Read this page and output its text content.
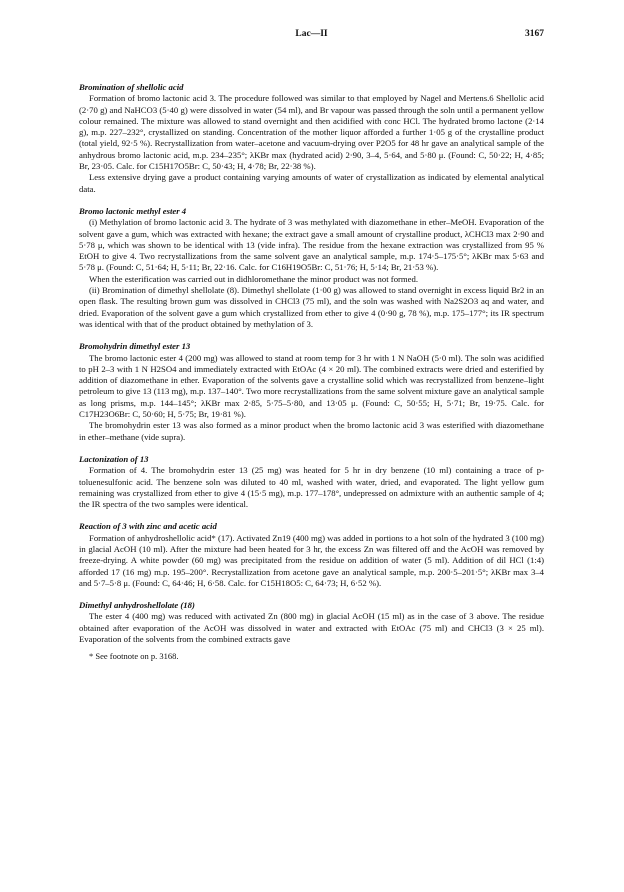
Lac—II	3167

Bromination of shellolic acid

Formation of bromo lactonic acid 3. The procedure followed was similar to that employed by Nagel and Mertens.6 Shellolic acid (2·70 g) and NaHCO3 (5·40 g) were dissolved in water (54 ml), and Br vapour was passed through the soln until a permanent yellow colour remained. The mixture was allowed to stand overnight and then acidified with conc HCl. The hydrated bromo lactone (2·14 g), m.p. 227–232°, crystallized on standing. Concentration of the mother liquor afforded a further 1·05 g of the crystalline product (total yield, 92·5 %). Recrystallization from water–acetone and vacuum-drying over P2O5 for 48 hr gave an analytical sample of the anhydrous bromo lactonic acid, m.p. 234–235°; λKBr max (hydrated acid) 2·90, 3–4, 5·64, and 5·80 μ. (Found: C, 50·22; H, 4·85; Br, 23·05. Calc. for C15H17O5Br: C, 50·43; H, 4·78; Br, 22·38 %).

Less extensive drying gave a product containing varying amounts of water of crystallization as indicated by elemental analytical data.

Bromo lactonic methyl ester 4

(i) Methylation of bromo lactonic acid 3. The hydrate of 3 was methylated with diazomethane in ether–MeOH. Evaporation of the solvent gave a gum, which was extracted with hexane; the extract gave a small amount of crystalline product, λCHCl3 max 2·90 and 5·78 μ, which was shown to be identical with 13 (vide infra). The residue from the hexane extraction was crystallized from 95 % EtOH to give 4. Two recrystallizations from the same solvent gave an analytical sample, m.p. 174·5–175·5°; λKBr max 5·63 and 5·78 μ. (Found: C, 51·64; H, 5·11; Br, 22·16. Calc. for C16H19O5Br: C, 51·76; H, 5·14; Br, 21·53 %).

When the esterification was carried out in didhloromethane the minor product was not formed.

(ii) Bromination of dimethyl shellolate (8). Dimethyl shellolate (1·00 g) was allowed to stand overnight in excess liquid Br2 in an open flask. The resulting brown gum was dissolved in CHCl3 (75 ml), and the soln was washed with Na2S2O3 aq and water, and dried. Evaporation of the solvent gave a gum which crystallized from ether to give 4 (0·90 g, 78 %), m.p. 175–177°; its IR spectrum was identical with that of the product obtained by methylation of 3.

Bromohydrin dimethyl ester 13

The bromo lactonic ester 4 (200 mg) was allowed to stand at room temp for 3 hr with 1 N NaOH (5·0 ml). The soln was acidified to pH 2–3 with 1 N H2SO4 and immediately extracted with EtOAc (4 × 20 ml). The combined extracts were dried and esterified by addition of diazomethane in ether. Evaporation of the solvents gave a crystalline solid which was recrystallized from benzene–light petroleum to give 13 (113 mg), m.p. 137–140°. Two more recrystallizations from the same solvent mixture gave an analytical sample as long prisms, m.p. 144–145°; λKBr max 2·85, 5·75–5·80, and 13·05 μ. (Found: C, 50·55; H, 5·71; Br, 19·75. Calc. for C17H23O6Br: C, 50·60; H, 5·75; Br, 19·81 %).

The bromohydrin ester 13 was also formed as a minor product when the bromo lactonic acid 3 was esterified with diazomethane in ether–methane (vide supra).

Lactonization of 13

Formation of 4. The bromohydrin ester 13 (25 mg) was heated for 5 hr in dry benzene (10 ml) containing a trace of p-toluenesulfonic acid. The benzene soln was diluted to 40 ml, washed with water, dried, and evaporated. The light yellow gum remaining was crystallized from ether to give 4 (15·5 mg), m.p. 177–178°, undepressed on admixture with an authentic sample of 4; the IR spectra of the two samples were identical.

Reaction of 3 with zinc and acetic acid

Formation of anhydroshellolic acid* (17). Activated Zn19 (400 mg) was added in portions to a hot soln of the hydrated 3 (100 mg) in glacial AcOH (10 ml). After the mixture had been heated for 3 hr, the excess Zn was filtered off and the AcOH was removed by freeze-drying. A white powder (60 mg) was precipitated from the residue on addition of water (5 ml). Addition of dil HCl (1:4) afforded 17 (16 mg) m.p. 195–200°. Recrystallization from acetone gave an analytical sample, m.p. 200·5–201·5°; λKBr max 3–4 and 5·7–5·8 μ. (Found: C, 64·46; H, 6·58. Calc. for C15H18O5: C, 64·73; H, 6·52 %).

Dimethyl anhydroshellolate (18)

The ester 4 (400 mg) was reduced with activated Zn (800 mg) in glacial AcOH (15 ml) as in the case of 3 above. The residue obtained after evaporation of the AcOH was dissolved in water and extracted with EtOAc (75 ml) and CHCl3 (3 × 25 ml). Evaporation of the solvents from the combined extracts gave

* See footnote on p. 3168.
